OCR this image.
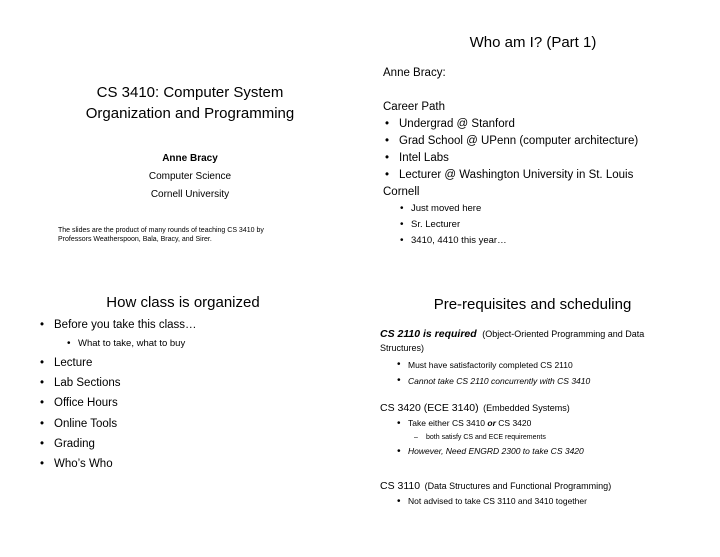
CS 3410: Computer System
Organization and Programming
Anne Bracy
Computer Science
Cornell University
The slides are the product of many rounds of teaching CS 3410 by
Professors Weatherspoon, Bala, Bracy, and Sirer.
Who am I? (Part 1)
Anne Bracy:
Career Path
• Undergrad @ Stanford
• Grad School @ UPenn (computer architecture)
• Intel Labs
• Lecturer @ Washington University in St. Louis
Cornell
• Just moved here
• Sr. Lecturer
• 3410, 4410 this year…
How class is organized
• Before you take this class…
• What to take, what to buy
• Lecture
• Lab Sections
• Office Hours
• Online Tools
• Grading
• Who’s Who
Pre-requisites and scheduling
CS 2110 is required (Object-Oriented Programming and Data
Structures)
• Must have satisfactorily completed CS 2110
• Cannot take CS 2110 concurrently with CS 3410
CS 3420 (ECE 3140) (Embedded Systems)
• Take either CS 3410 or CS 3420
– both satisfy CS and ECE requirements
• However, Need ENGRD 2300 to take CS 3420
CS 3110 (Data Structures and Functional Programming)
• Not advised to take CS 3110 and 3410 together
